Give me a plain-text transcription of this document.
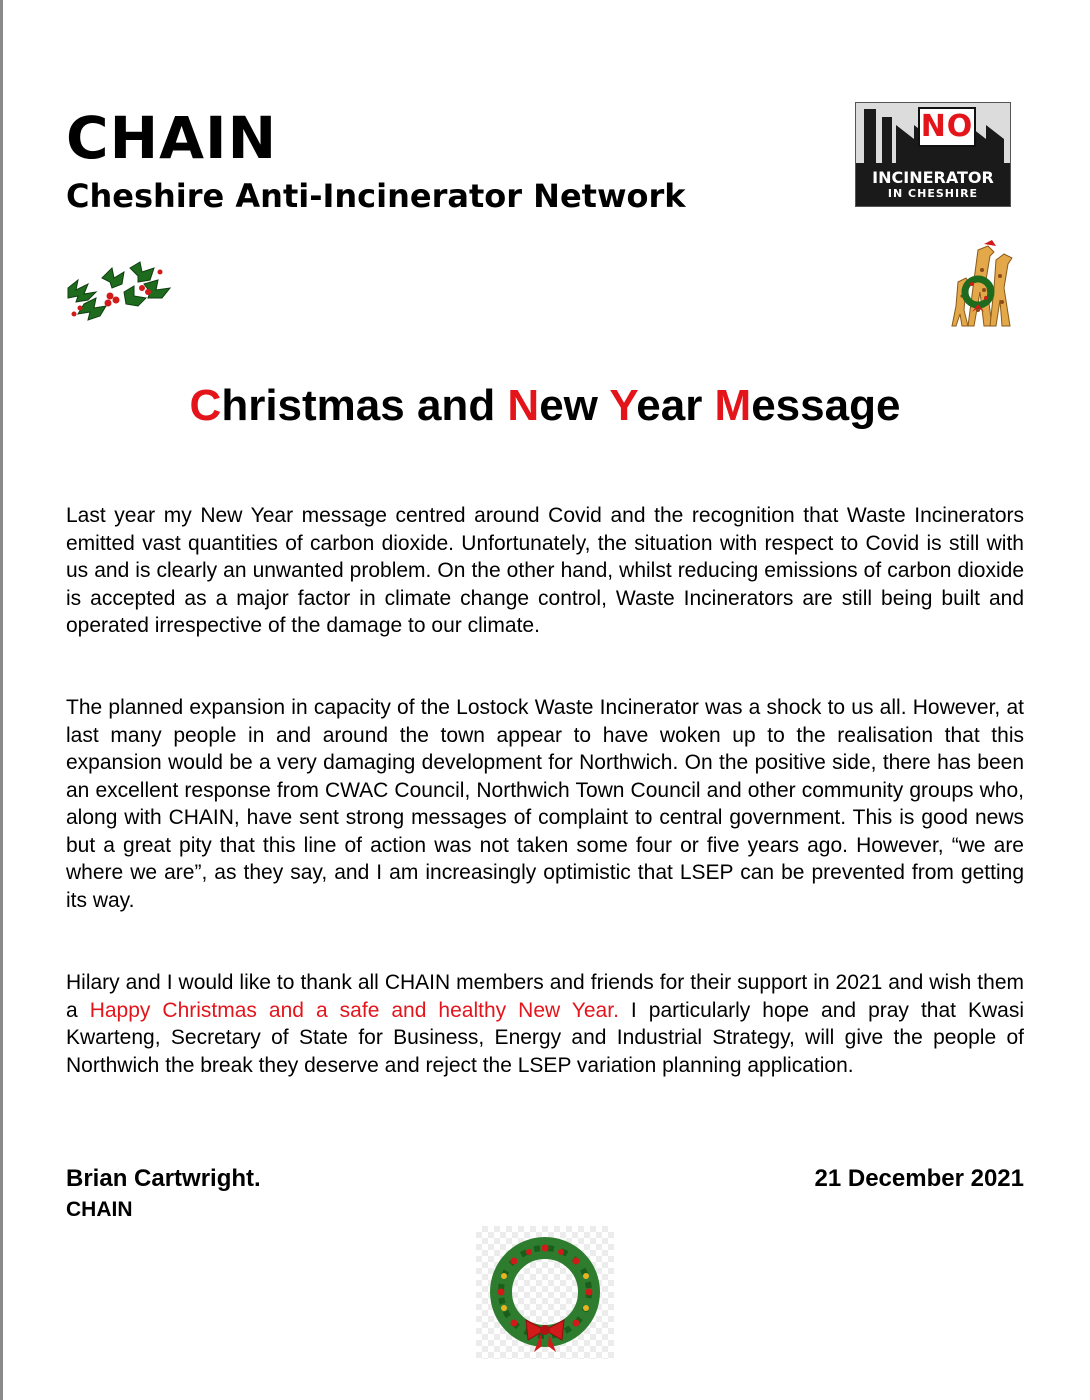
CHAIN
Cheshire Anti-Incinerator Network
NO
INCINERATOR
IN CHESHIRE
Christmas and New Year Message

Last year my New Year message centred around Covid and the recognition that Waste Incinerators emitted vast quantities of carbon dioxide. Unfortunately, the situation with respect to Covid is still with us and is clearly an unwanted problem. On the other hand, whilst reducing emissions of carbon dioxide is accepted as a major factor in climate change control, Waste Incinerators are still being built and operated irrespective of the damage to our climate.

The planned expansion in capacity of the Lostock Waste Incinerator was a shock to us all. However, at last many people in and around the town appear to have woken up to the realisation that this expansion would be a very damaging development for Northwich. On the positive side, there has been an excellent response from CWAC Council, Northwich Town Council and other community groups who, along with CHAIN, have sent strong messages of complaint to central government. This is good news but a great pity that this line of action was not taken some four or five years ago. However, “we are where we are”, as they say, and I am increasingly optimistic that LSEP can be prevented from getting its way.

Hilary and I would like to thank all CHAIN members and friends for their support in 2021 and wish them a Happy Christmas and a safe and healthy New Year. I particularly hope and pray that Kwasi Kwarteng, Secretary of State for Business, Energy and Industrial Strategy, will give the people of Northwich the break they deserve and reject the LSEP variation planning application.

Brian Cartwright.
CHAIN
21 December 2021
